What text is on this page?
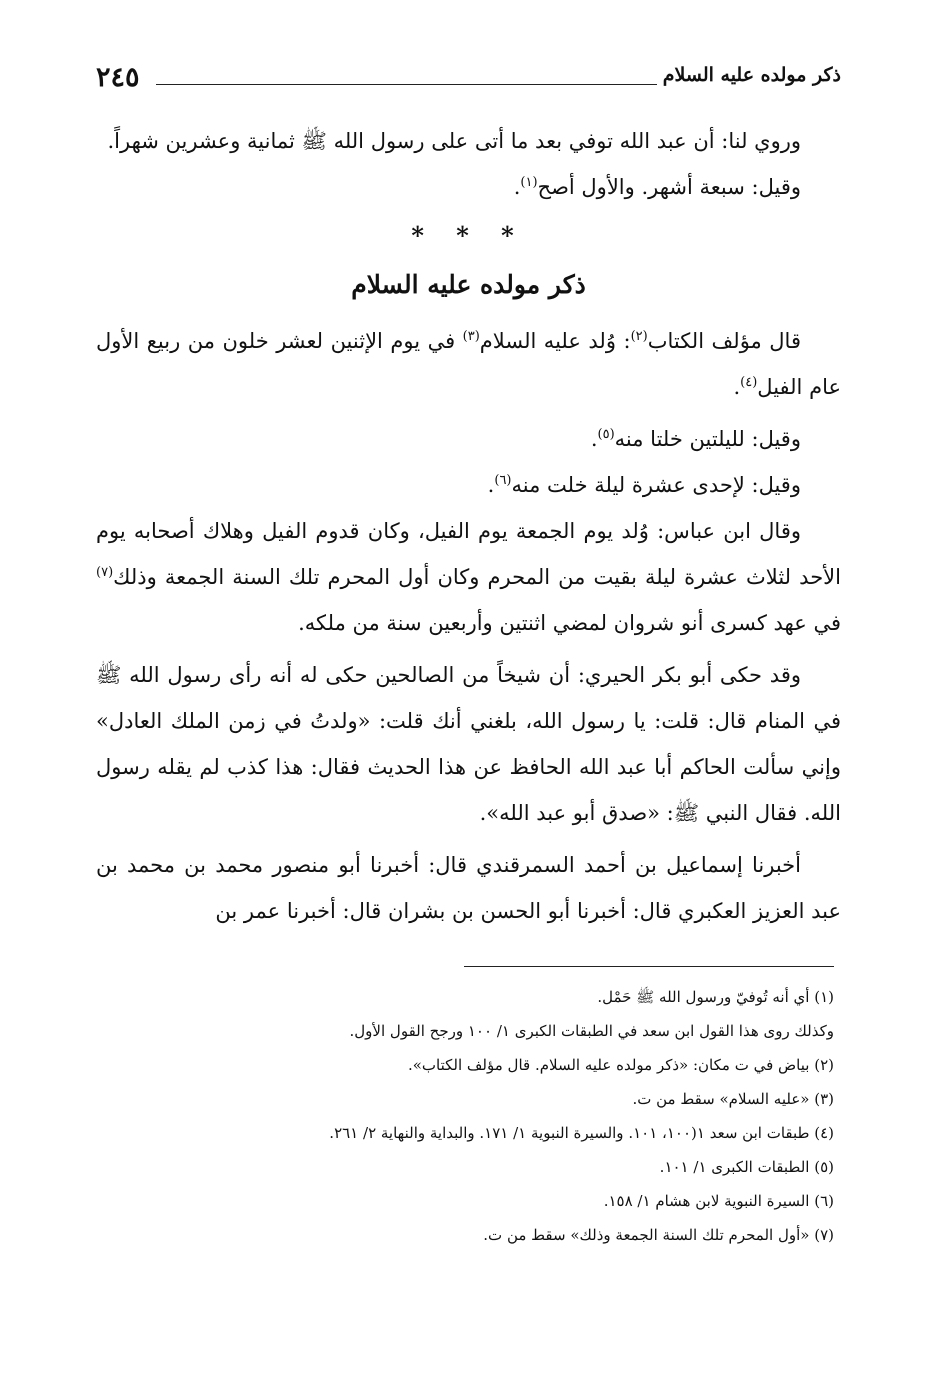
٢٤٥	ذكر مولده عليه السلام

وروي لنا: أن عبد الله توفي بعد ما أتى على رسول الله ﷺ ثمانية وعشرين شهراً.

وقيل: سبعة أشهر. والأول أصح$^{(١)}$.

* * *
ذكر مولده عليه السلام

قال مؤلف الكتاب$^{(٢)}$: وُلد عليه السلام$^{(٣)}$ في يوم الإثنين لعشر خلون من ربيع الأول عام الفيل$^{(٤)}$.

وقيل: لليلتين خلتا منه$^{(٥)}$.

وقيل: لإحدى عشرة ليلة خلت منه$^{(٦)}$.

وقال ابن عباس: وُلد يوم الجمعة يوم الفيل، وكان قدوم الفيل وهلاك أصحابه يوم الأحد لثلاث عشرة ليلة بقيت من المحرم وكان أول المحرم تلك السنة الجمعة وذلك$^{(٧)}$ في عهد كسرى أنو شروان لمضي اثنتين وأربعين سنة من ملكه.

وقد حكى أبو بكر الحيري: أن شيخاً من الصالحين حكى له أنه رأى رسول الله ﷺ في المنام قال: قلت: يا رسول الله، بلغني أنك قلت: «ولدتُ في زمن الملك العادل» وإني سألت الحاكم أبا عبد الله الحافظ عن هذا الحديث فقال: هذا كذب لم يقله رسول الله. فقال النبي ﷺ: «صدق أبو عبد الله».

أخبرنا إسماعيل بن أحمد السمرقندي قال: أخبرنا أبو منصور محمد بن محمد بن عبد العزيز العكبري قال: أخبرنا أبو الحسن بن بشران قال: أخبرنا عمر بن

(١) أي أنه تُوفيّ ورسول الله ﷺ حَمْل.

وكذلك روى هذا القول ابن سعد في الطبقات الكبرى ١/ ١٠٠ ورجح القول الأول.

(٢) بياض في ت مكان: «ذكر مولده عليه السلام. قال مؤلف الكتاب».

(٣) «عليه السلام» سقط من ت.

(٤) طبقات ابن سعد ١(١٠٠، ١٠١. والسيرة النبوية ١/ ١٧١. والبداية والنهاية ٢/ ٢٦١.

(٥) الطبقات الكبرى ١/ ١٠١.

(٦) السيرة النبوية لابن هشام ١/ ١٥٨.

(٧) «أول المحرم تلك السنة الجمعة وذلك» سقط من ت.
